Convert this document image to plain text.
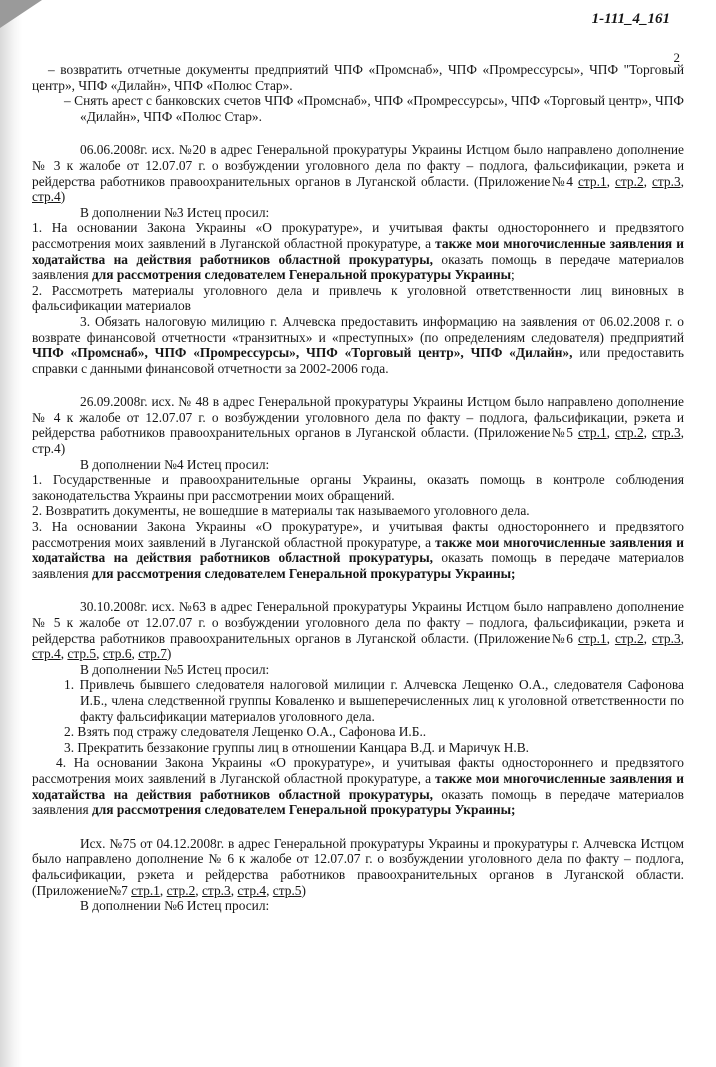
1-111_4_161
2

– возвратить отчетные документы предприятий ЧПФ «Промснаб», ЧПФ «Промрессурсы», ЧПФ "Торговый центр», ЧПФ «Дилайн», ЧПФ «Полюс Стар».

– Снять арест с банковских счетов ЧПФ «Промснаб», ЧПФ «Промрессурсы», ЧПФ «Торговый центр», ЧПФ «Дилайн», ЧПФ «Полюс Стар».

06.06.2008г. исх. №20 в адрес Генеральной прокуратуры Украины Истцом было направлено дополнение № 3 к жалобе от 12.07.07 г. о возбуждении уголовного дела по факту – подлога, фальсификации, рэкета и рейдерства работников правоохранительных органов в Луганской области. (Приложение№4 стр.1, стр.2, стр.3, стр.4)

В дополнении №3 Истец просил:

1. На основании Закона Украины «О прокуратуре», и учитывая факты одностороннего и предвзятого рассмотрения моих заявлений в Луганской областной прокуратуре, а также мои многочисленные заявления и ходатайства на действия работников областной прокуратуры, оказать помощь в передаче материалов заявления для рассмотрения следователем Генеральной прокуратуры Украины;

2. Рассмотреть материалы уголовного дела и привлечь к уголовной ответственности лиц виновных в фальсификации материалов

3. Обязать налоговую милицию г. Алчевска предоставить информацию на заявления от 06.02.2008 г. о возврате финансовой отчетности «транзитных» и «преступных» (по определениям следователя) предприятий ЧПФ «Промснаб», ЧПФ «Промрессурсы», ЧПФ «Торговый центр», ЧПФ «Дилайн», или предоставить справки с данными финансовой отчетности за 2002-2006 года.

26.09.2008г. исх. № 48 в адрес Генеральной прокуратуры Украины Истцом было направлено дополнение № 4 к жалобе от 12.07.07 г. о возбуждении уголовного дела по факту – подлога, фальсификации, рэкета и рейдерства работников правоохранительных органов в Луганской области. (Приложение№5 стр.1, стр.2, стр.3, стр.4)

В дополнении №4 Истец просил:

1. Государственные и правоохранительные органы Украины, оказать помощь в контроле соблюдения законодательства Украины при рассмотрении моих обращений.

2. Возвратить документы, не вошедшие в материалы так называемого уголовного дела.

3. На основании Закона Украины «О прокуратуре», и учитывая факты одностороннего и предвзятого рассмотрения моих заявлений в Луганской областной прокуратуре, а также мои многочисленные заявления и ходатайства на действия работников областной прокуратуры, оказать помощь в передаче материалов заявления для рассмотрения следователем Генеральной прокуратуры Украины;

30.10.2008г. исх. №63 в адрес Генеральной прокуратуры Украины Истцом было направлено дополнение № 5 к жалобе от 12.07.07 г. о возбуждении уголовного дела по факту – подлога, фальсификации, рэкета и рейдерства работников правоохранительных органов в Луганской области. (Приложение№6 стр.1, стр.2, стр.3, стр.4, стр.5, стр.6, стр.7)

В дополнении №5 Истец просил:

1. Привлечь бывшего следователя налоговой милиции г. Алчевска Лещенко О.А., следователя Сафонова И.Б., члена следственной группы Коваленко и вышеперечисленных лиц к уголовной ответственности по факту фальсификации материалов уголовного дела.

2. Взять под стражу следователя Лещенко О.А., Сафонова И.Б..

3. Прекратить беззаконие группы лиц в отношении Канцара В.Д. и Маричук Н.В.

4. На основании Закона Украины «О прокуратуре», и учитывая факты одностороннего и предвзятого рассмотрения моих заявлений в Луганской областной прокуратуре, а также мои многочисленные заявления и ходатайства на действия работников областной прокуратуры, оказать помощь в передаче материалов заявления для рассмотрения следователем Генеральной прокуратуры Украины;

Исх. №75 от 04.12.2008г. в адрес Генеральной прокуратуры Украины и прокуратуры г. Алчевска Истцом было направлено дополнение № 6 к жалобе от 12.07.07 г. о возбуждении уголовного дела по факту – подлога, фальсификации, рэкета и рейдерства работников правоохранительных органов в Луганской области. (Приложение№7 стр.1, стр.2, стр.3, стр.4, стр.5)

В дополнении №6 Истец просил:
